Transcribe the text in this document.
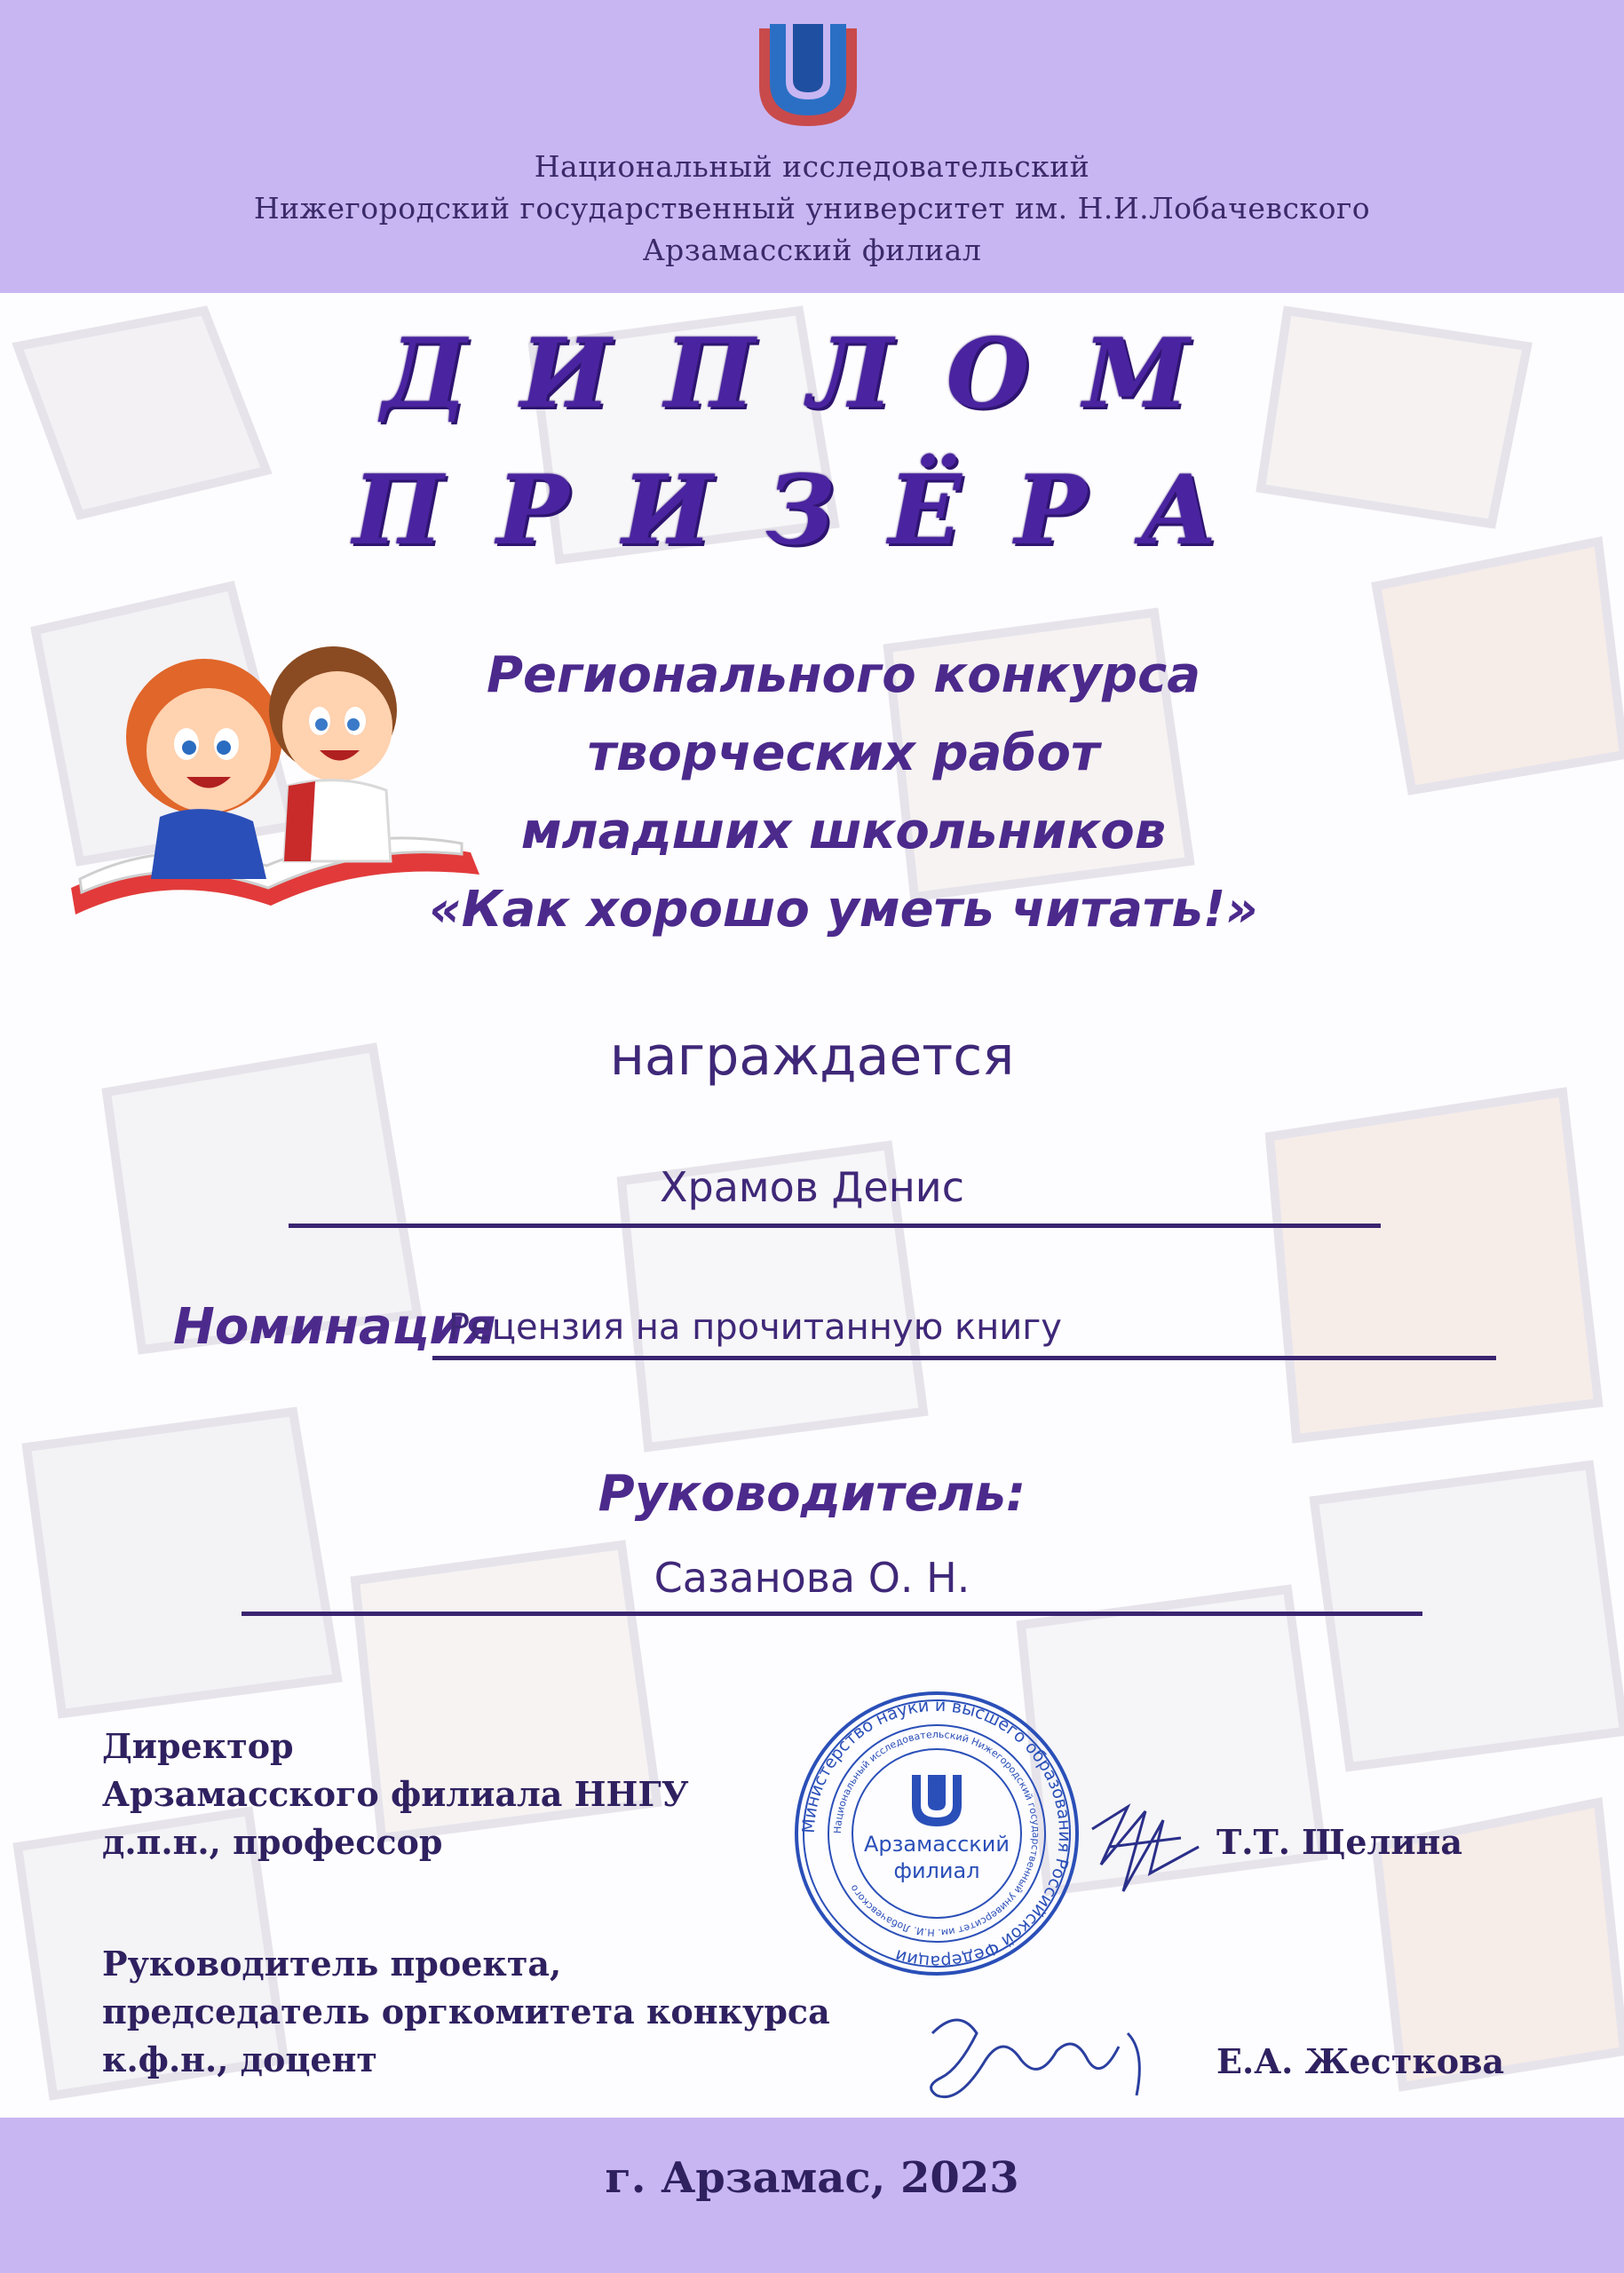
Национальный исследовательский
Нижегородский государственный университет им. Н.И.Лобачевского
Арзамасский филиал
ДИПЛОМ
ПРИЗЁРА
Регионального конкурса
творческих работ
младших школьников
«Как хорошо уметь читать!»
награждается
Храмов Денис
Номинация
Рецензия на прочитанную книгу
Руководитель:
Сазанова О. Н.
Директор
Арзамасского филиала ННГУ
д.п.н., профессор	Т.Т. Щелина
Руководитель проекта,
председатель оргкомитета конкурса
к.ф.н., доцент	Е.А. Жесткова
Министерство науки и высшего образования Российской Федерации
Национальный исследовательский Нижегородский государственный университет им. Н.И. Лобачевского
Арзамасский
филиал
г. Арзамас, 2023
